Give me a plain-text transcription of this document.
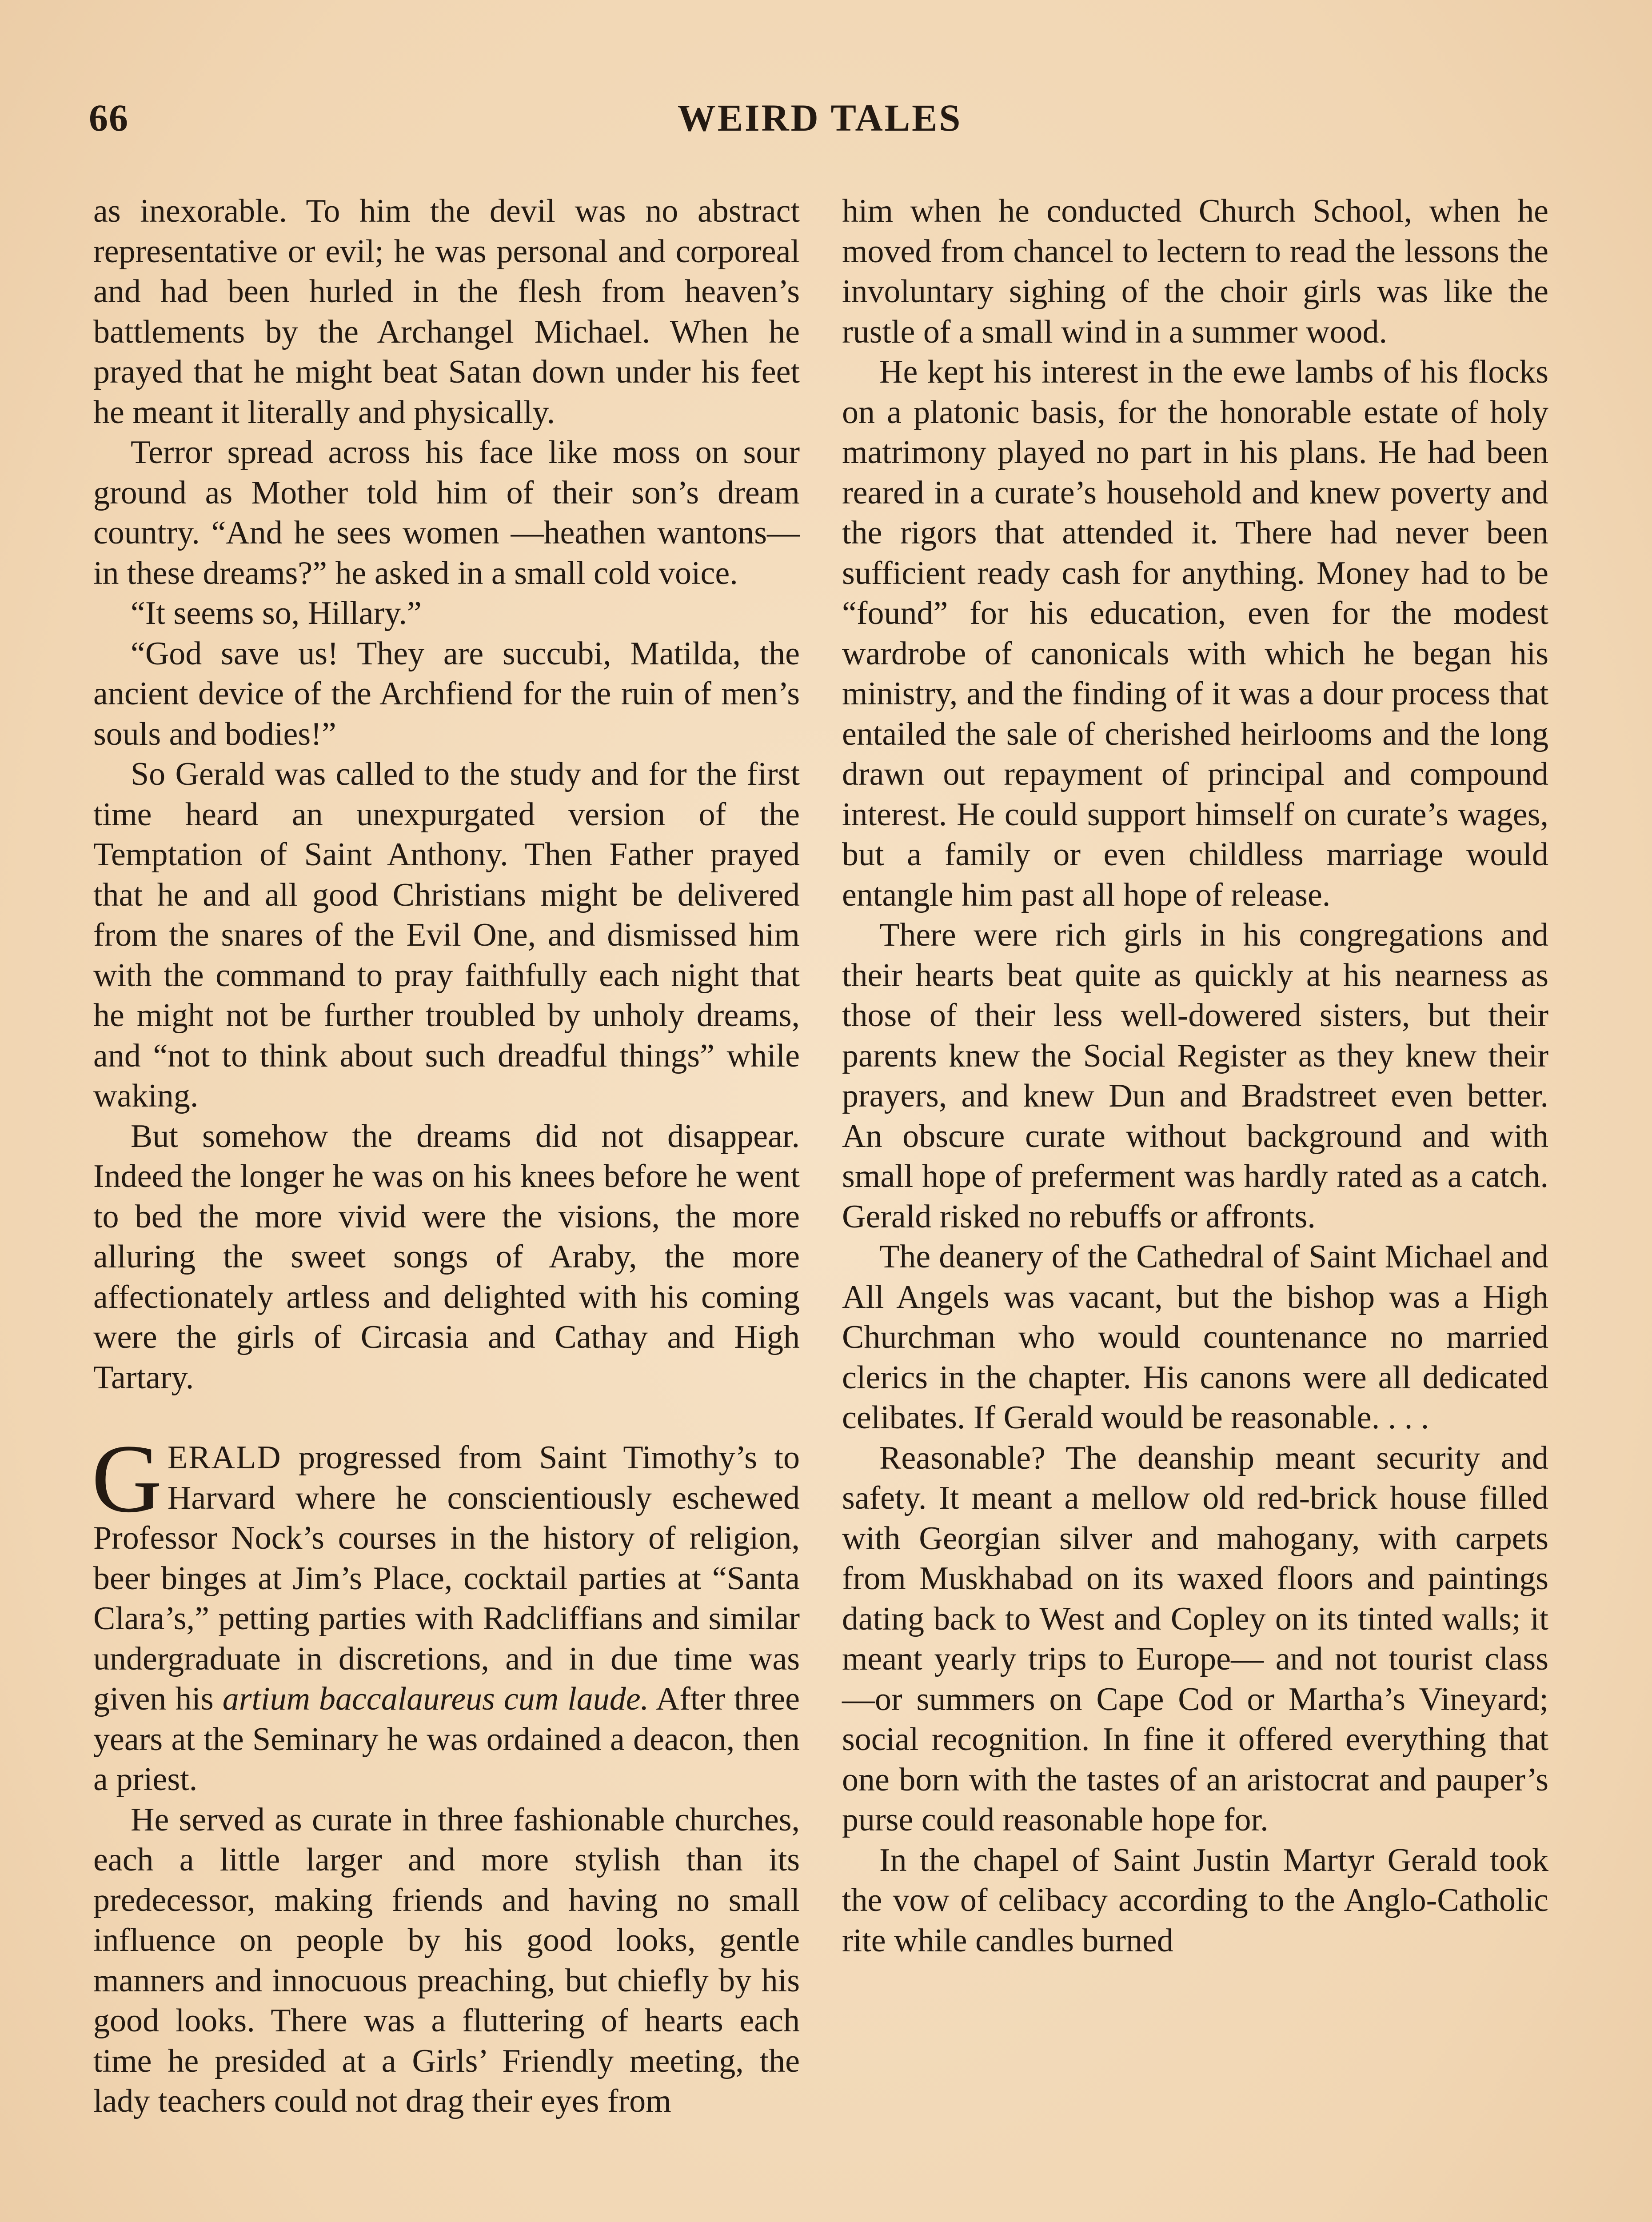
66	WEIRD TALES

as inexorable. To him the devil was no abstract representative or evil; he was personal and corporeal and had been hurled in the flesh from heaven’s battlements by the Archangel Michael. When he prayed that he might beat Satan down under his feet he meant it literally and physically.

Terror spread across his face like moss on sour ground as Mother told him of their son’s dream country. “And he sees women —heathen wantons—in these dreams?” he asked in a small cold voice.

“It seems so, Hillary.”

“God save us! They are succubi, Matilda, the ancient device of the Archfiend for the ruin of men’s souls and bodies!”

So Gerald was called to the study and for the first time heard an unexpurgated version of the Temptation of Saint Anthony. Then Father prayed that he and all good Christians might be delivered from the snares of the Evil One, and dismissed him with the command to pray faithfully each night that he might not be further troubled by unholy dreams, and “not to think about such dreadful things” while waking.

But somehow the dreams did not disappear. Indeed the longer he was on his knees before he went to bed the more vivid were the visions, the more alluring the sweet songs of Araby, the more affectionately artless and delighted with his coming were the girls of Circasia and Cathay and High Tartary.

GERALD progressed from Saint Timothy’s to Harvard where he conscientiously eschewed Professor Nock’s courses in the history of religion, beer binges at Jim’s Place, cocktail parties at “Santa Clara’s,” petting parties with Radcliffians and similar undergraduate in discretions, and in due time was given his artium baccalaureus cum laude. After three years at the Seminary he was ordained a deacon, then a priest.

He served as curate in three fashionable churches, each a little larger and more stylish than its predecessor, making friends and having no small influence on people by his good looks, gentle manners and innocuous preaching, but chiefly by his good looks. There was a fluttering of hearts each time he presided at a Girls’ Friendly meeting, the lady teachers could not drag their eyes from

him when he conducted Church School, when he moved from chancel to lectern to read the lessons the involuntary sighing of the choir girls was like the rustle of a small wind in a summer wood.

He kept his interest in the ewe lambs of his flocks on a platonic basis, for the honorable estate of holy matrimony played no part in his plans. He had been reared in a curate’s household and knew poverty and the rigors that attended it. There had never been sufficient ready cash for anything. Money had to be “found” for his education, even for the modest wardrobe of canonicals with which he began his ministry, and the finding of it was a dour process that entailed the sale of cherished heirlooms and the long drawn out repayment of principal and compound interest. He could support himself on curate’s wages, but a family or even childless marriage would entangle him past all hope of release.

There were rich girls in his congregations and their hearts beat quite as quickly at his nearness as those of their less well-dowered sisters, but their parents knew the Social Register as they knew their prayers, and knew Dun and Bradstreet even better. An obscure curate without background and with small hope of preferment was hardly rated as a catch. Gerald risked no rebuffs or affronts.

The deanery of the Cathedral of Saint Michael and All Angels was vacant, but the bishop was a High Churchman who would countenance no married clerics in the chapter. His canons were all dedicated celibates. If Gerald would be reasonable. . . .

Reasonable? The deanship meant security and safety. It meant a mellow old red-brick house filled with Georgian silver and mahogany, with carpets from Muskhabad on its waxed floors and paintings dating back to West and Copley on its tinted walls; it meant yearly trips to Europe— and not tourist class—or summers on Cape Cod or Martha’s Vineyard; social recognition. In fine it offered everything that one born with the tastes of an aristocrat and pauper’s purse could reasonable hope for.

In the chapel of Saint Justin Martyr Gerald took the vow of celibacy according to the Anglo-Catholic rite while candles burned
